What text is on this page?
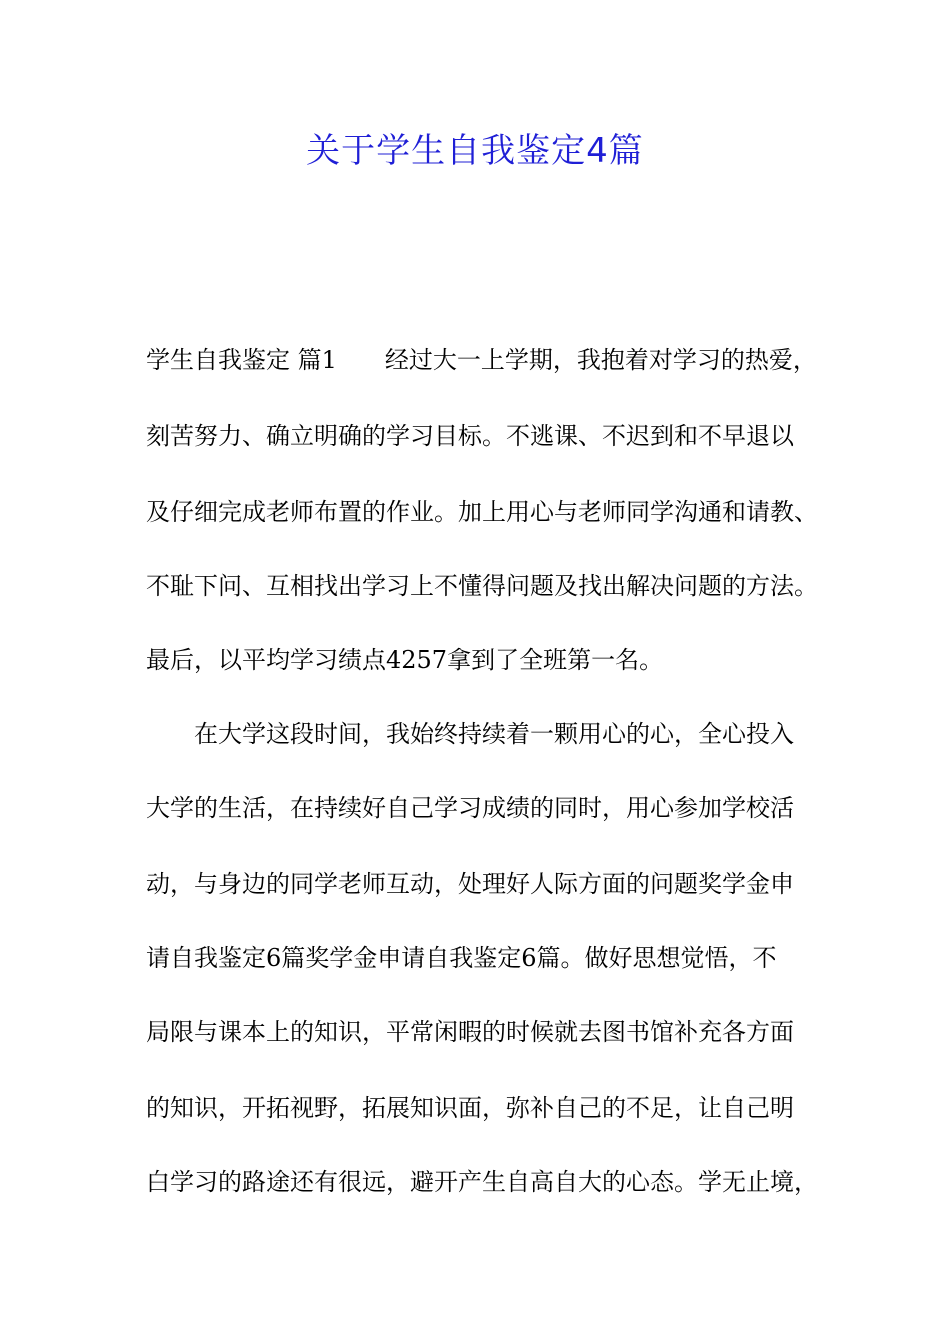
关于学生自我鉴定4篇
学生自我鉴定 篇1 经过大一上学期，我抱着对学习的热爱，
刻苦努力、确立明确的学习目标。不逃课、不迟到和不早退以
及仔细完成老师布置的作业。加上用心与老师同学沟通和请教、
不耻下问、互相找出学习上不懂得问题及找出解决问题的方法。
最后，以平均学习绩点4257拿到了全班第一名。
在大学这段时间，我始终持续着一颗用心的心，全心投入
大学的生活，在持续好自己学习成绩的同时，用心参加学校活
动，与身边的同学老师互动，处理好人际方面的问题奖学金申
请自我鉴定6篇奖学金申请自我鉴定6篇。做好思想觉悟，不
局限与课本上的知识，平常闲暇的时候就去图书馆补充各方面
的知识，开拓视野，拓展知识面，弥补自己的不足，让自己明
白学习的路途还有很远，避开产生自高自大的心态。学无止境，
